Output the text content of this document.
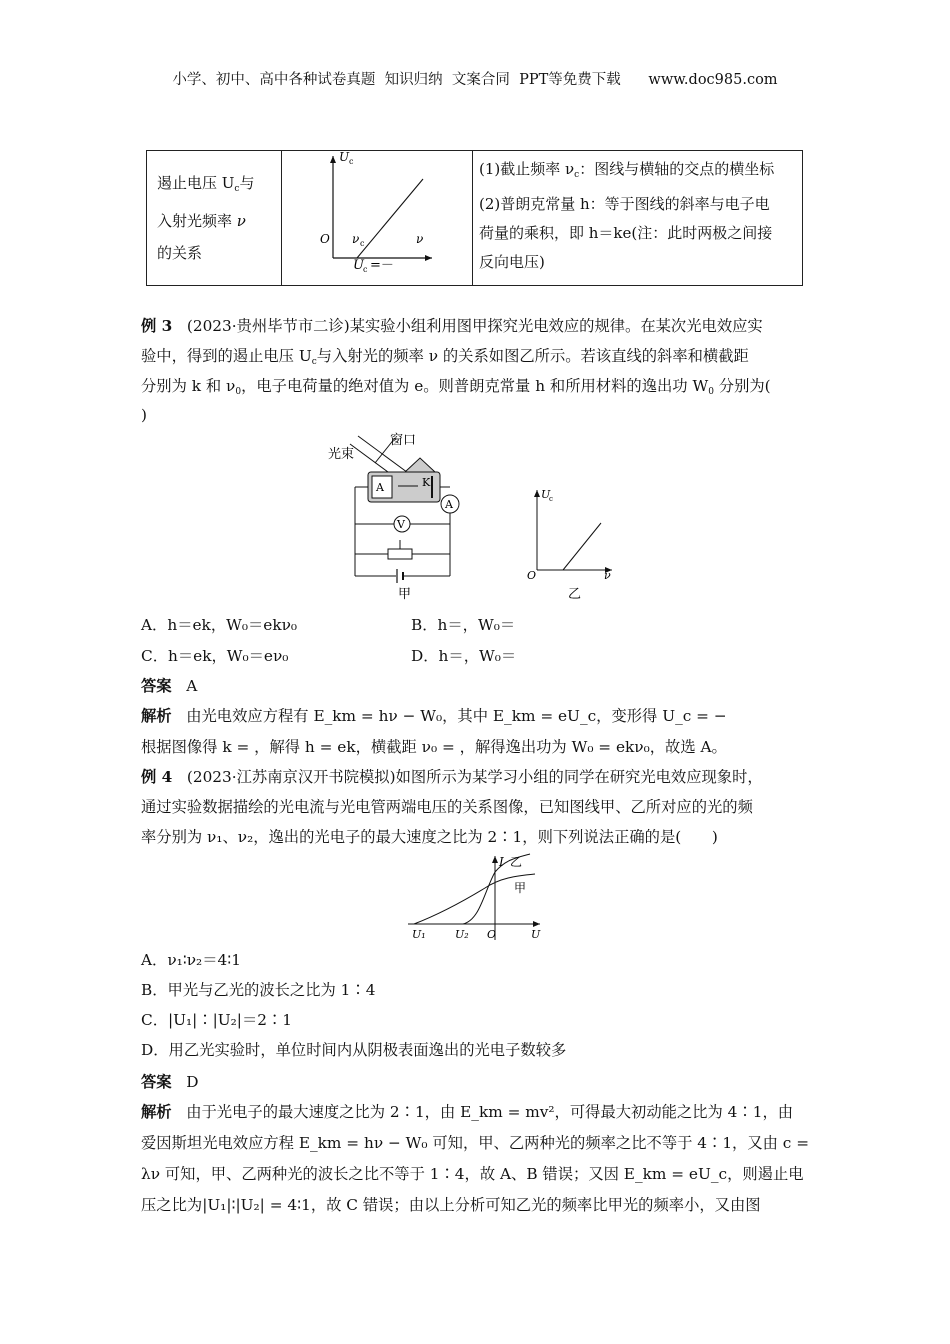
小学、初中、高中各种试卷真题  知识归纳  文案合同  PPT等免费下载      www.doc985.com
遏止电压 $U_c$与
入射光频率 ν
的关系

U c
O ν c	ν
U c =－

(1)截止频率 $\nu_c$：图线与横轴的交点的横坐标
(2)普朗克常量 h：等于图线的斜率与电子电
荷量的乘积，即 h＝ke(注：此时两极之间接
反向电压)
例 3 (2023·贵州毕节市二诊)某实验小组利用图甲探究光电效应的规律。在某次光电效应实
验中，得到的遏止电压 $U_c$与入射光的频率 ν 的关系如图乙所示。若该直线的斜率和横截距
分别为 k 和 $\nu_0$，电子电荷量的绝对值为 e。则普朗克常量 h 和所用材料的逸出功 $W_0$ 分别为(
)
光束
窗口
A	K
A
V
甲
U
c
O	ν
乙
A．h＝ek，W₀＝ekν₀	B．h＝，W₀＝
C．h＝ek，W₀＝eν₀	D．h＝，W₀＝
答案 A
解析 由光电效应方程有 E_km = hν − W₀，其中 E_km = eU_c，变形得 U_c = −
根据图像得 k = ，解得 h = ek，横截距 ν₀ = ，解得逸出功为 W₀ = ekν₀，故选 A。
例 4 (2023·江苏南京汉开书院模拟)如图所示为某学习小组的同学在研究光电效应现象时，
通过实验数据描绘的光电流与光电管两端电压的关系图像，已知图线甲、乙所对应的光的频
率分别为 ν₁、ν₂，逸出的光电子的最大速度之比为 2∶1，则下列说法正确的是(　　)
I 乙
甲
U₁	U₂ O	U
A．ν₁∶ν₂＝4∶1
B．甲光与乙光的波长之比为 1∶4
C．|U₁|∶|U₂|＝2∶1
D．用乙光实验时，单位时间内从阴极表面逸出的光电子数较多
答案 D
解析 由于光电子的最大速度之比为 2∶1，由 E_km = mv²，可得最大初动能之比为 4∶1，由
爱因斯坦光电效应方程 E_km = hν − W₀ 可知，甲、乙两种光的频率之比不等于 4∶1，又由 c =
λν 可知，甲、乙两种光的波长之比不等于 1∶4，故 A、B 错误；又因 E_km = eU_c，则遏止电
压之比为|U₁|∶|U₂| = 4∶1，故 C 错误；由以上分析可知乙光的频率比甲光的频率小，又由图
